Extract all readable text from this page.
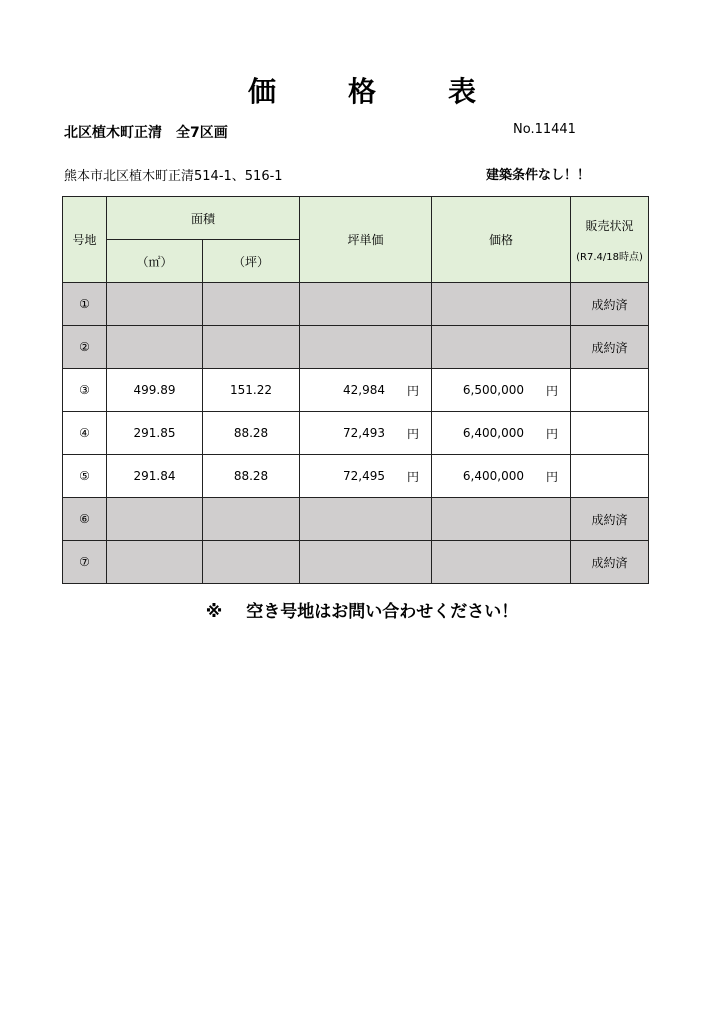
価　格　表
北区植木町正清　全7区画	No.11441
熊本市北区植木町正清514-1、516-1	建築条件なし！！
号地	面積		坪単価	価格	販売状況
(R7.4/18時点)

	（㎡）	（坪）			
①					成約済
②					成約済
③	499.89	151.22	42,984 円	6,500,000 円	

④	291.85	88.28	72,493 円	6,400,000 円	

⑤	291.84	88.28	72,495 円	6,400,000 円	

⑥					成約済
⑦					成約済
※ 空き号地はお問い合わせください！
